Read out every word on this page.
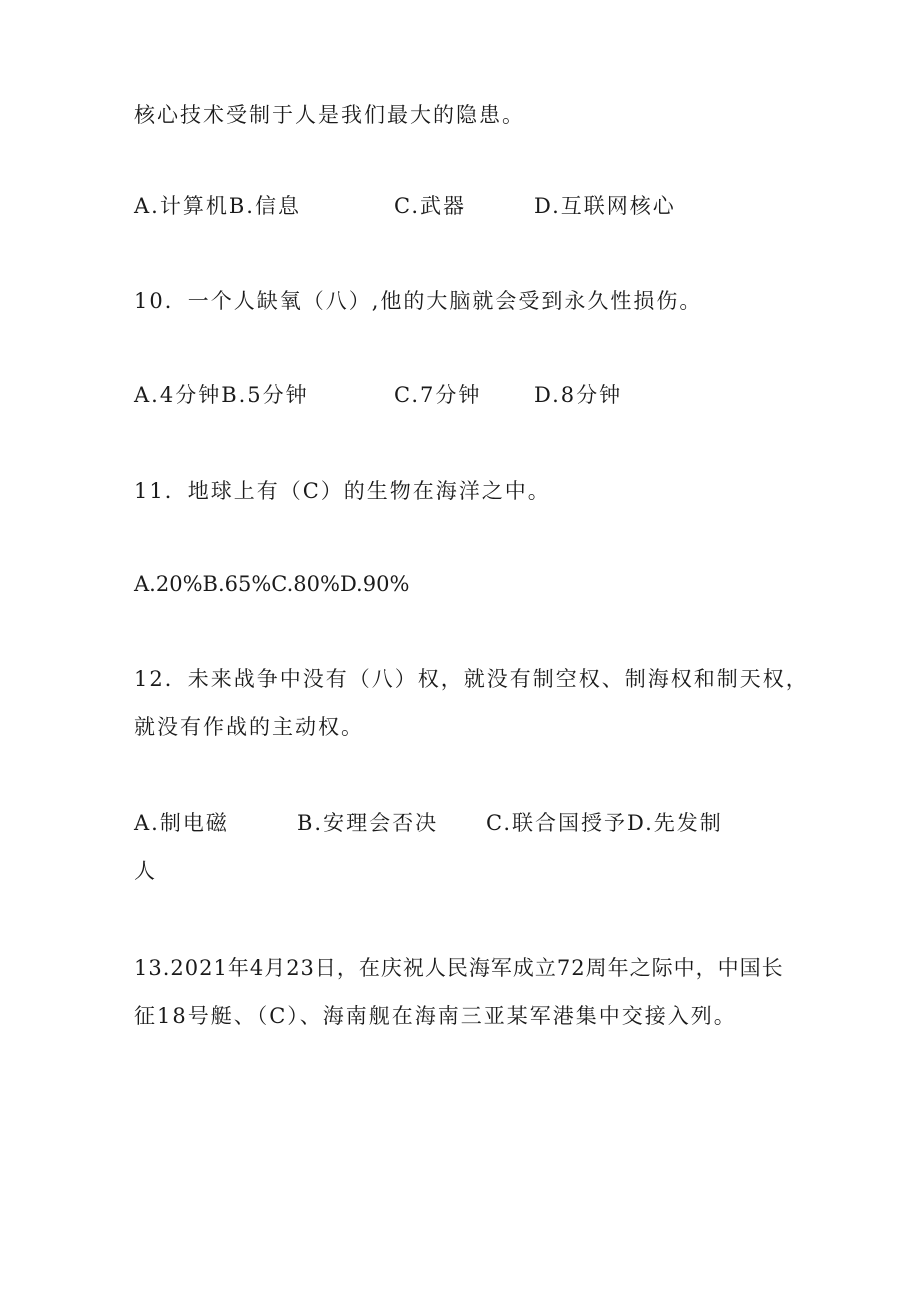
核心技术受制于人是我们最大的隐患。
A.计算机B.信息	C.武器	D.互联网核心
10．一个人缺氧（八）,他的大脑就会受到永久性损伤。
A.4分钟B.5分钟	C.7分钟	D.8分钟
11．地球上有（C）的生物在海洋之中。
A.20%B.65%C.80%D.90%
12．未来战争中没有（八）权，就没有制空权、制海权和制天权，
就没有作战的主动权。
A.制电磁	B.安理会否决 C.联合国授予D.先发制
人
13.2021年4月23日，在庆祝人民海军成立72周年之际中，中国长
征18号艇、（C）、海南舰在海南三亚某军港集中交接入列。
